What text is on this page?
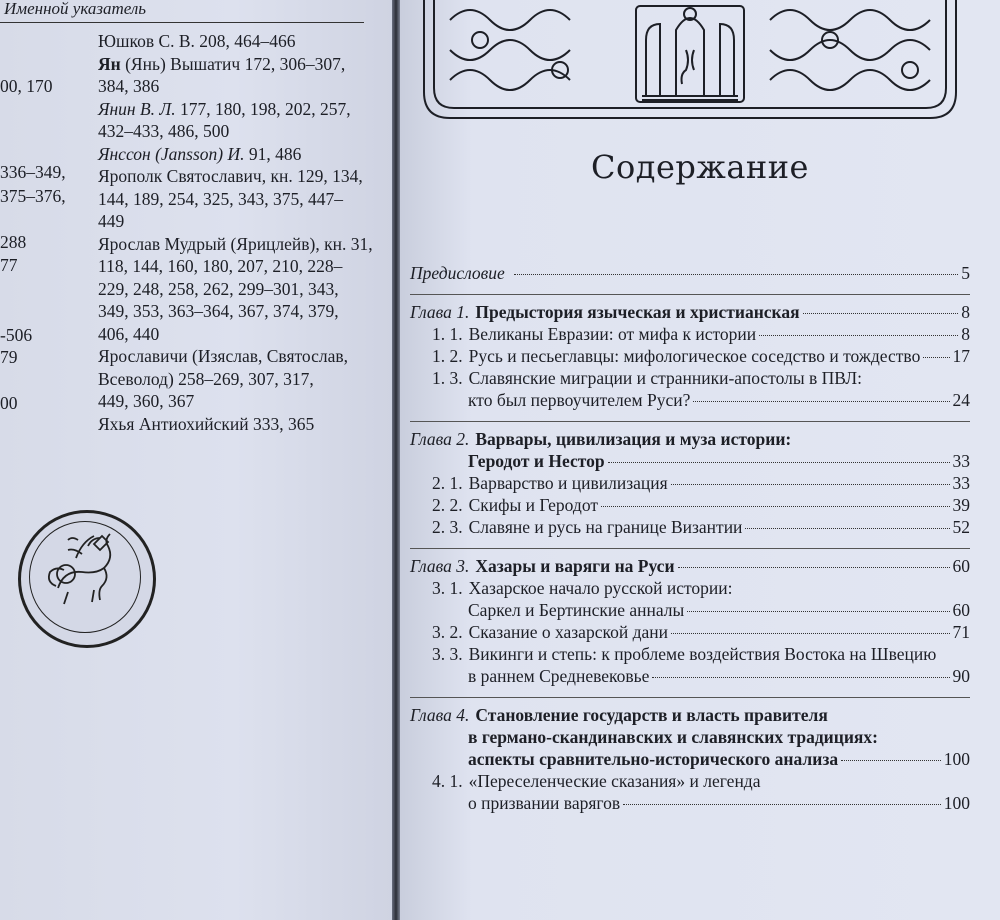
Именной указатель
00, 170
336–349,
375–376,
288
77
-506
79
00
Юшков С. В. 208, 464–466
Ян (Янь) Вышатич 172, 306–307,
384, 386
Янин В. Л. 177, 180, 198, 202, 257,
432–433, 486, 500
Янссон (Jansson) И. 91, 486
Ярополк Святославич, кн. 129, 134,
144, 189, 254, 325, 343, 375, 447–
449
Ярослав Мудрый (Ярицлейв), кн. 31,
118, 144, 160, 180, 207, 210, 228–
229, 248, 258, 262, 299–301, 343,
349, 353, 363–364, 367, 374, 379,
406, 440
Ярославичи (Изяслав, Святослав,
Всеволод) 258–269, 307, 317,
449, 360, 367
Яхья Антиохийский 333, 365
Содержание
Предисловие	5
Глава 1. Предыстория языческая и христианская	8
1. 1. Великаны Евразии: от мифа к истории	8
1. 2. Русь и песьеглавцы: мифологическое соседство и тождество 17
1. 3. Славянские миграции и странники-апостолы в ПВЛ:
кто был первоучителем Руси?	24
Глава 2. Варвары, цивилизация и муза истории:
Геродот и Нестор	33
2. 1. Варварство и цивилизация	33
2. 2. Скифы и Геродот	39
2. 3. Славяне и русь на границе Византии	52
Глава 3. Хазары и варяги на Руси	60
3. 1. Хазарское начало русской истории:
Саркел и Бертинские анналы	60
3. 2. Сказание о хазарской дани	71
3. 3. Викинги и степь: к проблеме воздействия Востока на Швецию
в раннем Средневековье	90
Глава 4. Становление государств и власть правителя
в германо-скандинавских и славянских традициях:
аспекты сравнительно-исторического анализа	100
4. 1. «Переселенческие сказания» и легенда
о призвании варягов	100
